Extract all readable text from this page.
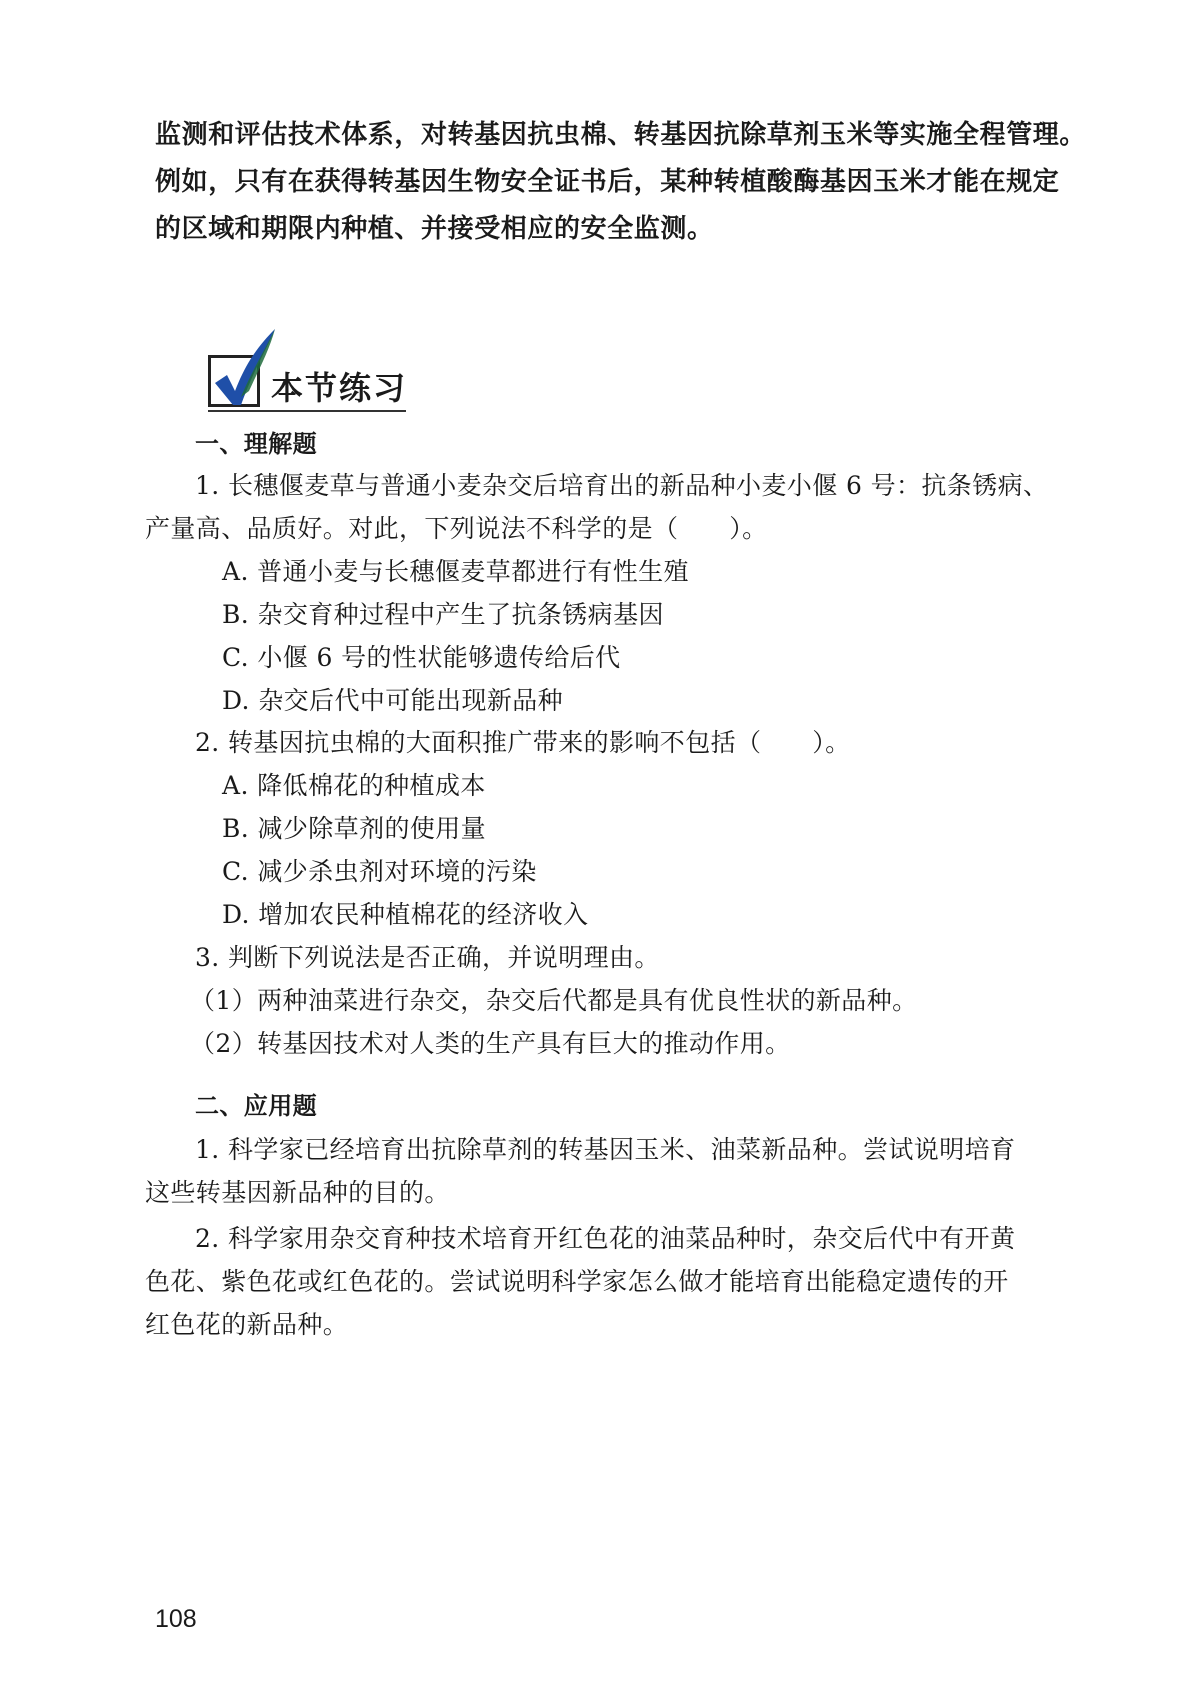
监测和评估技术体系，对转基因抗虫棉、转基因抗除草剂玉米等实施全程管理。

例如，只有在获得转基因生物安全证书后，某种转植酸酶基因玉米才能在规定

的区域和期限内种植、并接受相应的安全监测。

本节练习
一、理解题
1. 长穗偃麦草与普通小麦杂交后培育出的新品种小麦小偃 6 号：抗条锈病、
产量高、品质好。对此，下列说法不科学的是（　　）。
A. 普通小麦与长穗偃麦草都进行有性生殖
B. 杂交育种过程中产生了抗条锈病基因
C. 小偃 6 号的性状能够遗传给后代
D. 杂交后代中可能出现新品种
2. 转基因抗虫棉的大面积推广带来的影响不包括（　　）。
A. 降低棉花的种植成本
B. 减少除草剂的使用量
C. 减少杀虫剂对环境的污染
D. 增加农民种植棉花的经济收入
3. 判断下列说法是否正确，并说明理由。
（1）两种油菜进行杂交，杂交后代都是具有优良性状的新品种。
（2）转基因技术对人类的生产具有巨大的推动作用。
二、应用题
1. 科学家已经培育出抗除草剂的转基因玉米、油菜新品种。尝试说明培育
这些转基因新品种的目的。
2. 科学家用杂交育种技术培育开红色花的油菜品种时，杂交后代中有开黄
色花、紫色花或红色花的。尝试说明科学家怎么做才能培育出能稳定遗传的开
红色花的新品种。
108
